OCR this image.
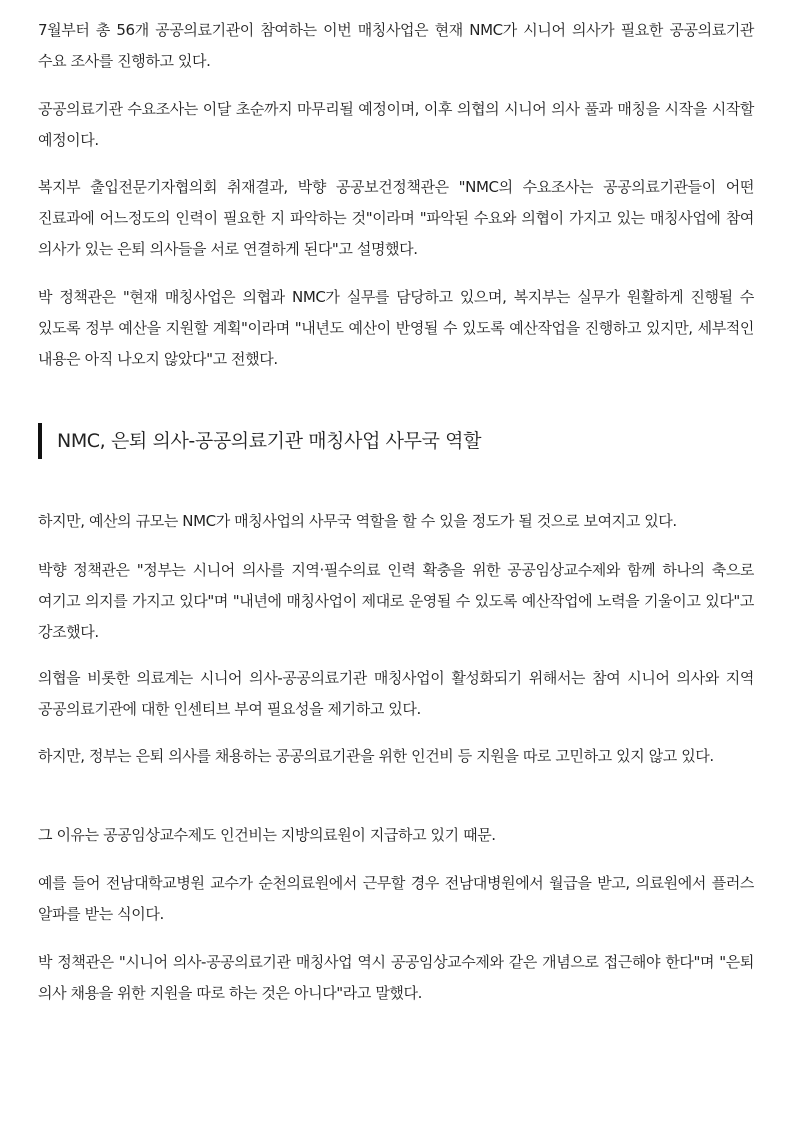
7월부터 총 56개 공공의료기관이 참여하는 이번 매칭사업은 현재 NMC가 시니어 의사가 필요한 공공의료기관 수요 조사를 진행하고 있다.

공공의료기관 수요조사는 이달 초순까지 마무리될 예정이며, 이후 의협의 시니어 의사 풀과 매칭을 시작을 시작할 예정이다.

복지부 출입전문기자협의회 취재결과, 박향 공공보건정책관은 "NMC의 수요조사는 공공의료기관들이 어떤 진료과에 어느정도의 인력이 필요한 지 파악하는 것"이라며 "파악된 수요와 의협이 가지고 있는 매칭사업에 참여 의사가 있는 은퇴 의사들을 서로 연결하게 된다"고 설명했다.

박 정책관은 "현재 매칭사업은 의협과 NMC가 실무를 담당하고 있으며, 복지부는 실무가 원활하게 진행될 수 있도록 정부 예산을 지원할 계획"이라며 "내년도 예산이 반영될 수 있도록 예산작업을 진행하고 있지만, 세부적인 내용은 아직 나오지 않았다"고 전했다.

NMC, 은퇴 의사-공공의료기관 매칭사업 사무국 역할

하지만, 예산의 규모는 NMC가 매칭사업의 사무국 역할을 할 수 있을 정도가 될 것으로 보여지고 있다.

박향 정책관은 "정부는 시니어 의사를 지역·필수의료 인력 확충을 위한 공공임상교수제와 함께 하나의 축으로 여기고 의지를 가지고 있다"며 "내년에 매칭사업이 제대로 운영될 수 있도록 예산작업에 노력을 기울이고 있다"고 강조했다.

의협을 비롯한 의료계는 시니어 의사-공공의료기관 매칭사업이 활성화되기 위해서는 참여 시니어 의사와 지역 공공의료기관에 대한 인센티브 부여 필요성을 제기하고 있다.

하지만, 정부는 은퇴 의사를 채용하는 공공의료기관을 위한 인건비 등 지원을 따로 고민하고 있지 않고 있다.

그 이유는 공공임상교수제도 인건비는 지방의료원이 지급하고 있기 때문.

예를 들어 전남대학교병원 교수가 순천의료원에서 근무할 경우 전남대병원에서 월급을 받고, 의료원에서 플러스 알파를 받는 식이다.

박 정책관은 "시니어 의사-공공의료기관 매칭사업 역시 공공임상교수제와 같은 개념으로 접근해야 한다"며 "은퇴 의사 채용을 위한 지원을 따로 하는 것은 아니다"라고 말했다.
